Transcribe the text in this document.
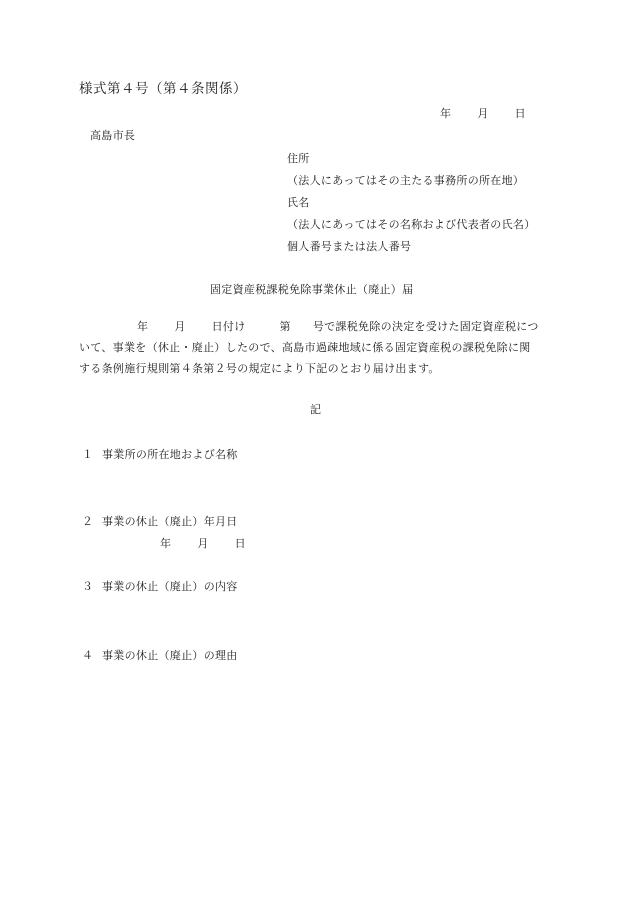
様式第４号（第４条関係）
年 月 日
高島市長
住所
（法人にあってはその主たる事務所の所在地）
氏名
（法人にあってはその名称および代表者の氏名）
個人番号または法人番号
固定資産税課税免除事業休止（廃止）届

年 月 日付け	第 号で課税免除の決定を受けた固定資産税につ

いて、事業を（休止・廃止）したので、高島市過疎地域に係る固定資産税の課税免除に関

する条例施行規則第４条第２号の規定により下記のとおり届け出ます。

記
１ 事業所の所在地および名称
２ 事業の休止（廃止）年月日
年 月 日
３ 事業の休止（廃止）の内容
４ 事業の休止（廃止）の理由
